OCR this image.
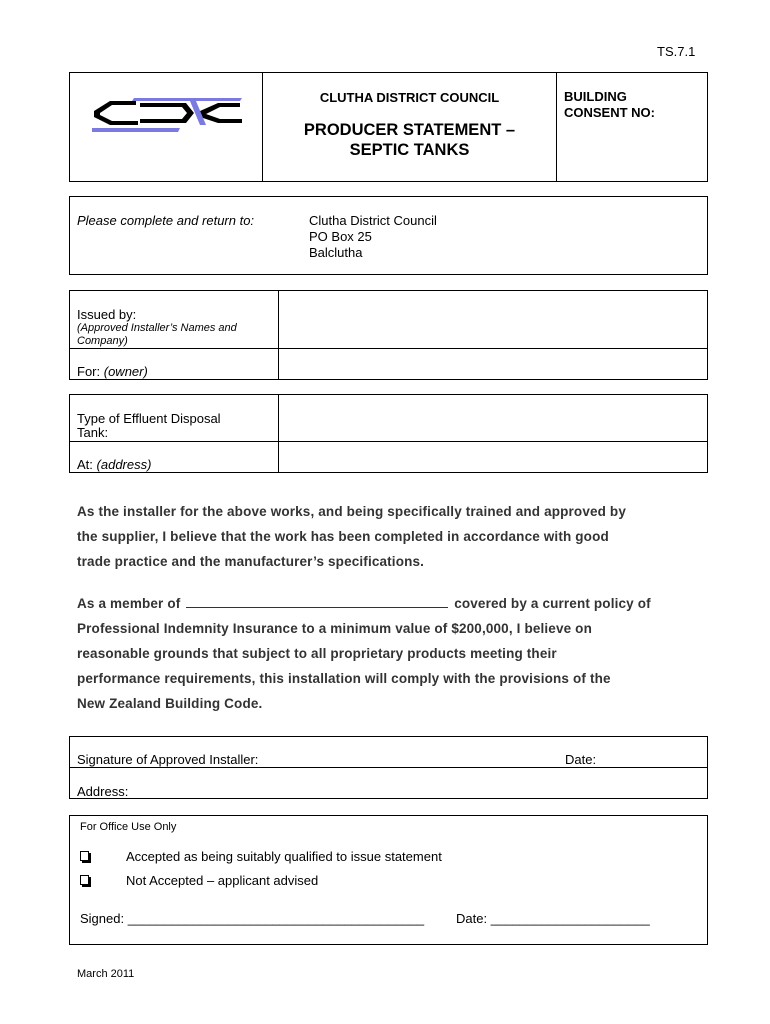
TS.7.1
CLUTHA DISTRICT COUNCIL
PRODUCER STATEMENT –
SEPTIC TANKS
BUILDING
CONSENT NO:
Please complete and return to:	Clutha District Council
PO Box 25
Balclutha
Issued by:
(Approved Installer’s Names and
Company)
For: (owner)
Type of Effluent Disposal
Tank:
At: (address)
As the installer for the above works, and being specifically trained and approved by
the supplier, I believe that the work has been completed in accordance with good
trade practice and the manufacturer’s specifications.
As a member of	covered by a current policy of
Professional Indemnity Insurance to a minimum value of $200,000, I believe on
reasonable grounds that subject to all proprietary products meeting their
performance requirements, this installation will comply with the provisions of the
New Zealand Building Code.
Signature of Approved Installer:	Date:
Address:
For Office Use Only
Accepted as being suitably qualified to issue statement
Not Accepted – applicant advised
Signed: _________________________________________ Date: ______________________
March 2011
